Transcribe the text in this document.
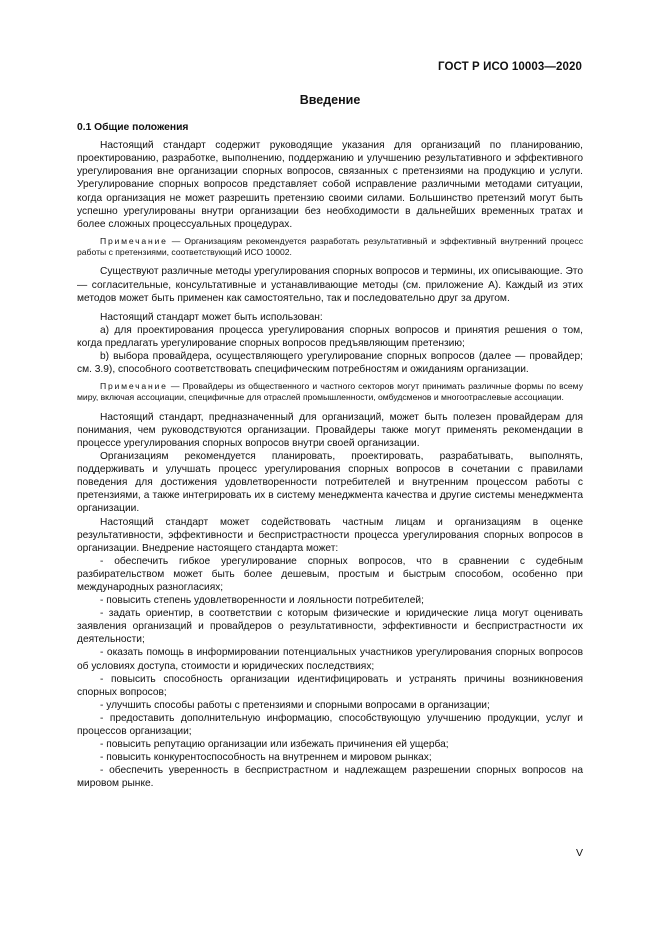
ГОСТ Р ИСО 10003—2020
Введение
0.1 Общие положения

Настоящий стандарт содержит руководящие указания для организаций по планированию, проектированию, разработке, выполнению, поддержанию и улучшению результативного и эффективного урегулирования вне организации спорных вопросов, связанных с претензиями на продукцию и услуги. Урегулирование спорных вопросов представляет собой исправление различными методами ситуации, когда организация не может разрешить претензию своими силами. Большинство претензий могут быть успешно урегулированы внутри организации без необходимости в дальнейших временных тратах и более сложных процессуальных процедурах.

Примечание — Организациям рекомендуется разработать результативный и эффективный внутренний процесс работы с претензиями, соответствующий ИСО 10002.

Существуют различные методы урегулирования спорных вопросов и термины, их описывающие. Это — согласительные, консультативные и устанавливающие методы (см. приложение А). Каждый из этих методов может быть применен как самостоятельно, так и последовательно друг за другом.

Настоящий стандарт может быть использован:

a) для проектирования процесса урегулирования спорных вопросов и принятия решения о том, когда предлагать урегулирование спорных вопросов предъявляющим претензию;

b) выбора провайдера, осуществляющего урегулирование спорных вопросов (далее — провайдер; см. 3.9), способного соответствовать специфическим потребностям и ожиданиям организации.

Примечание — Провайдеры из общественного и частного секторов могут принимать различные формы по всему миру, включая ассоциации, специфичные для отраслей промышленности, омбудсменов и многоотраслевые ассоциации.

Настоящий стандарт, предназначенный для организаций, может быть полезен провайдерам для понимания, чем руководствуются организации. Провайдеры также могут применять рекомендации в процессе урегулирования спорных вопросов внутри своей организации.

Организациям рекомендуется планировать, проектировать, разрабатывать, выполнять, поддерживать и улучшать процесс урегулирования спорных вопросов в сочетании с правилами поведения для достижения удовлетворенности потребителей и внутренним процессом работы с претензиями, а также интегрировать их в систему менеджмента качества и другие системы менеджмента организации.

Настоящий стандарт может содействовать частным лицам и организациям в оценке результативности, эффективности и беспристрастности процесса урегулирования спорных вопросов в организации. Внедрение настоящего стандарта может:

- обеспечить гибкое урегулирование спорных вопросов, что в сравнении с судебным разбирательством может быть более дешевым, простым и быстрым способом, особенно при международных разногласиях;

- повысить степень удовлетворенности и лояльности потребителей;

- задать ориентир, в соответствии с которым физические и юридические лица могут оценивать заявления организаций и провайдеров о результативности, эффективности и беспристрастности их деятельности;

- оказать помощь в информировании потенциальных участников урегулирования спорных вопросов об условиях доступа, стоимости и юридических последствиях;

- повысить способность организации идентифицировать и устранять причины возникновения спорных вопросов;

- улучшить способы работы с претензиями и спорными вопросами в организации;

- предоставить дополнительную информацию, способствующую улучшению продукции, услуг и процессов организации;

- повысить репутацию организации или избежать причинения ей ущерба;

- повысить конкурентоспособность на внутреннем и мировом рынках;

- обеспечить уверенность в беспристрастном и надлежащем разрешении спорных вопросов на мировом рынке.

V
